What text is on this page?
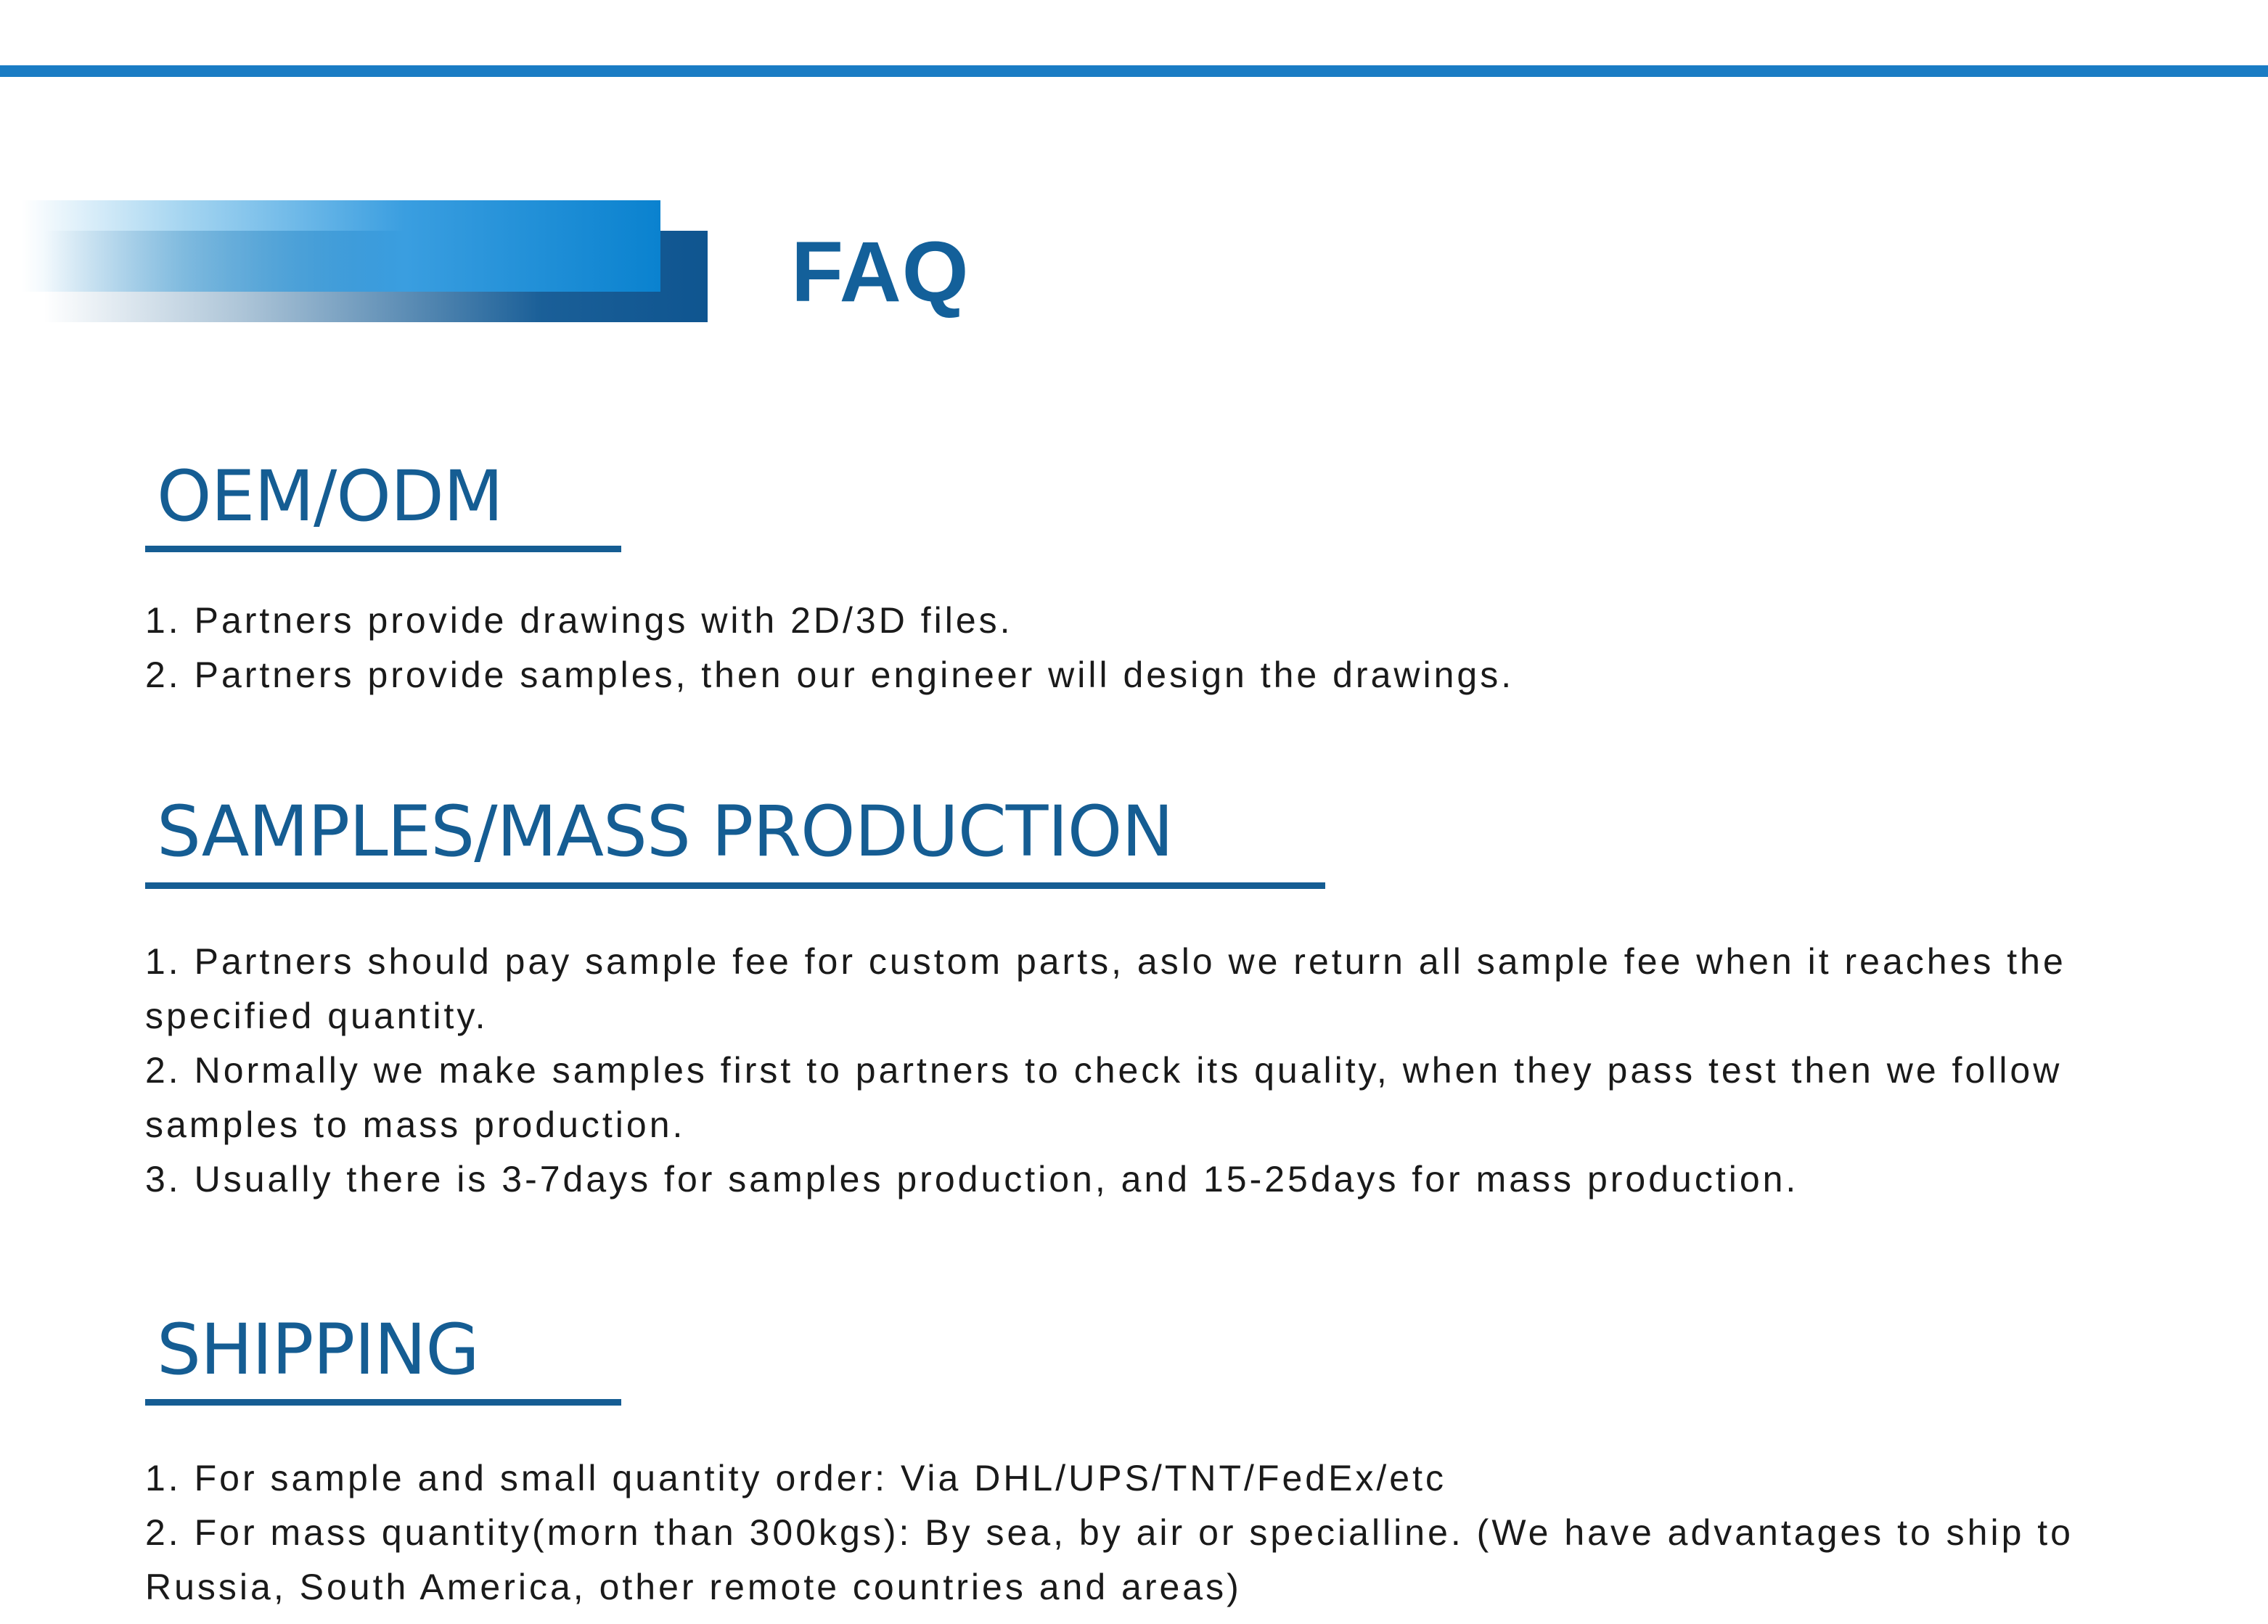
FAQ
OEM/ODM

1. Partners provide drawings with 2D/3D files.

2. Partners provide samples, then our engineer will design the drawings.

SAMPLES/MASS PRODUCTION

1. Partners should pay sample fee for custom parts, aslo we return all sample fee when it reaches the specified quantity.

2. Normally we make samples first to partners to check its quality, when they pass test then we follow samples to mass production.

3. Usually there is 3-7days for samples production, and 15-25days for mass production.

SHIPPING

1. For sample and small quantity order: Via DHL/UPS/TNT/FedEx/etc

2. For mass quantity(morn than 300kgs): By sea, by air or specialline. (We have advantages to ship to Russia, South America, other remote countries and areas)
